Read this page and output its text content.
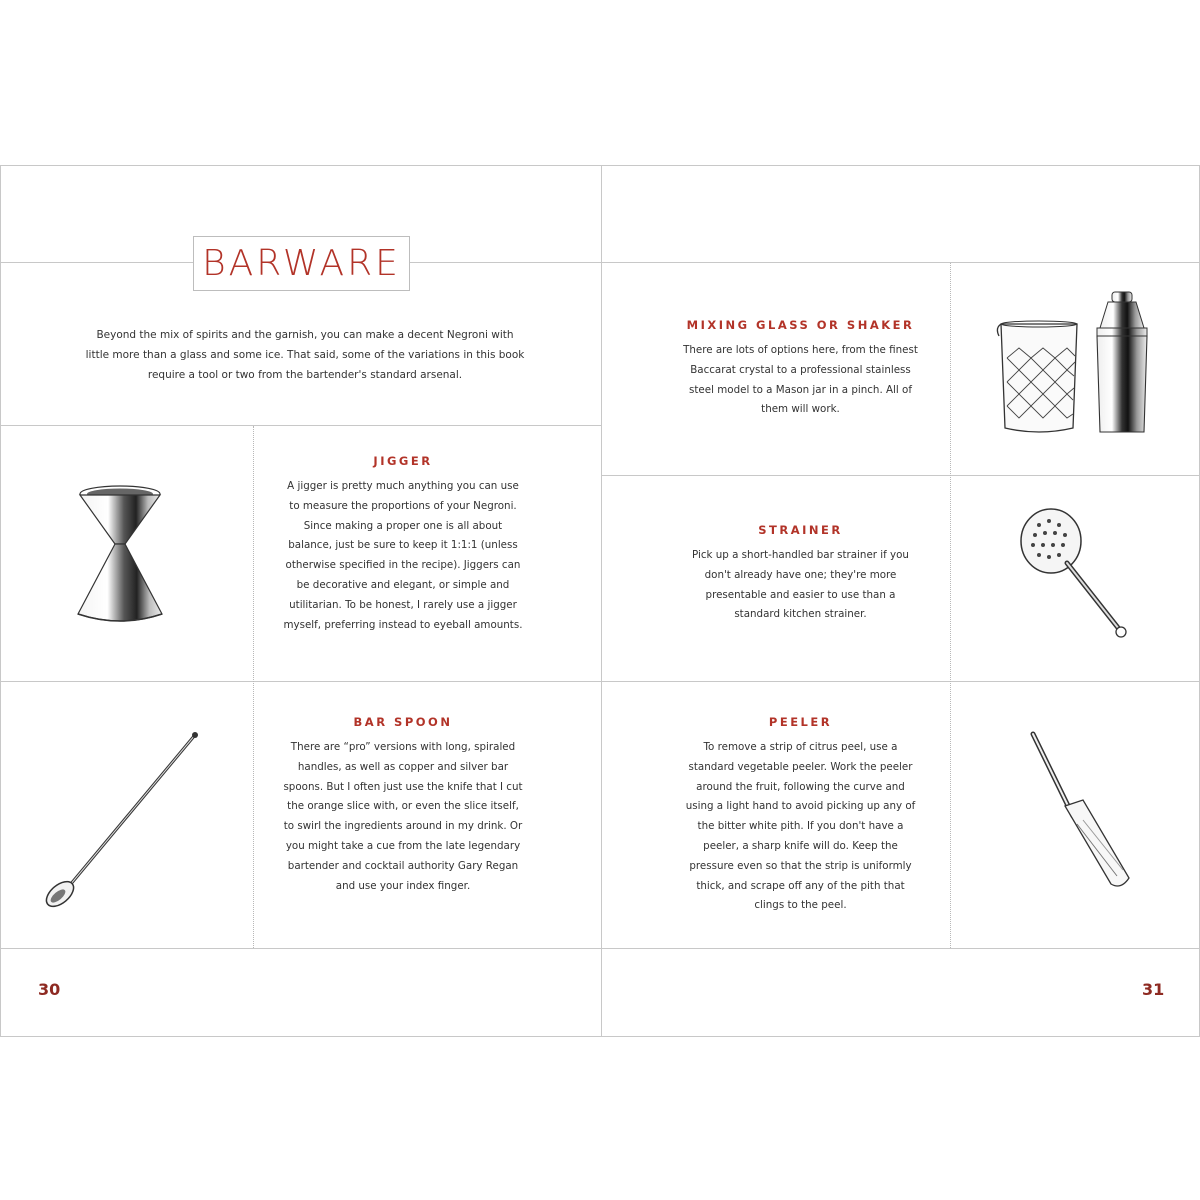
BARWARE
Beyond the mix of spirits and the garnish, you can make a decent Negroni with little more than a glass and some ice. That said, some of the variations in this book require a tool or two from the bartender's standard arsenal.
JIGGER
A jigger is pretty much anything you can use to measure the proportions of your Negroni. Since making a proper one is all about balance, just be sure to keep it 1:1:1 (unless otherwise specified in the recipe). Jiggers can be decorative and elegant, or simple and utilitarian. To be honest, I rarely use a jigger myself, preferring instead to eyeball amounts.
BAR SPOON
There are “pro” versions with long, spiraled handles, as well as copper and silver bar spoons. But I often just use the knife that I cut the orange slice with, or even the slice itself, to swirl the ingredients around in my drink. Or you might take a cue from the late legendary bartender and cocktail authority Gary Regan and use your index finger.
MIXING GLASS OR SHAKER
There are lots of options here, from the finest Baccarat crystal to a professional stainless steel model to a Mason jar in a pinch. All of them will work.
STRAINER
Pick up a short-handled bar strainer if you don't already have one; they're more presentable and easier to use than a standard kitchen strainer.
PEELER
To remove a strip of citrus peel, use a standard vegetable peeler. Work the peeler around the fruit, following the curve and using a light hand to avoid picking up any of the bitter white pith. If you don't have a peeler, a sharp knife will do. Keep the pressure even so that the strip is uniformly thick, and scrape off any of the pith that clings to the peel.
30	31
